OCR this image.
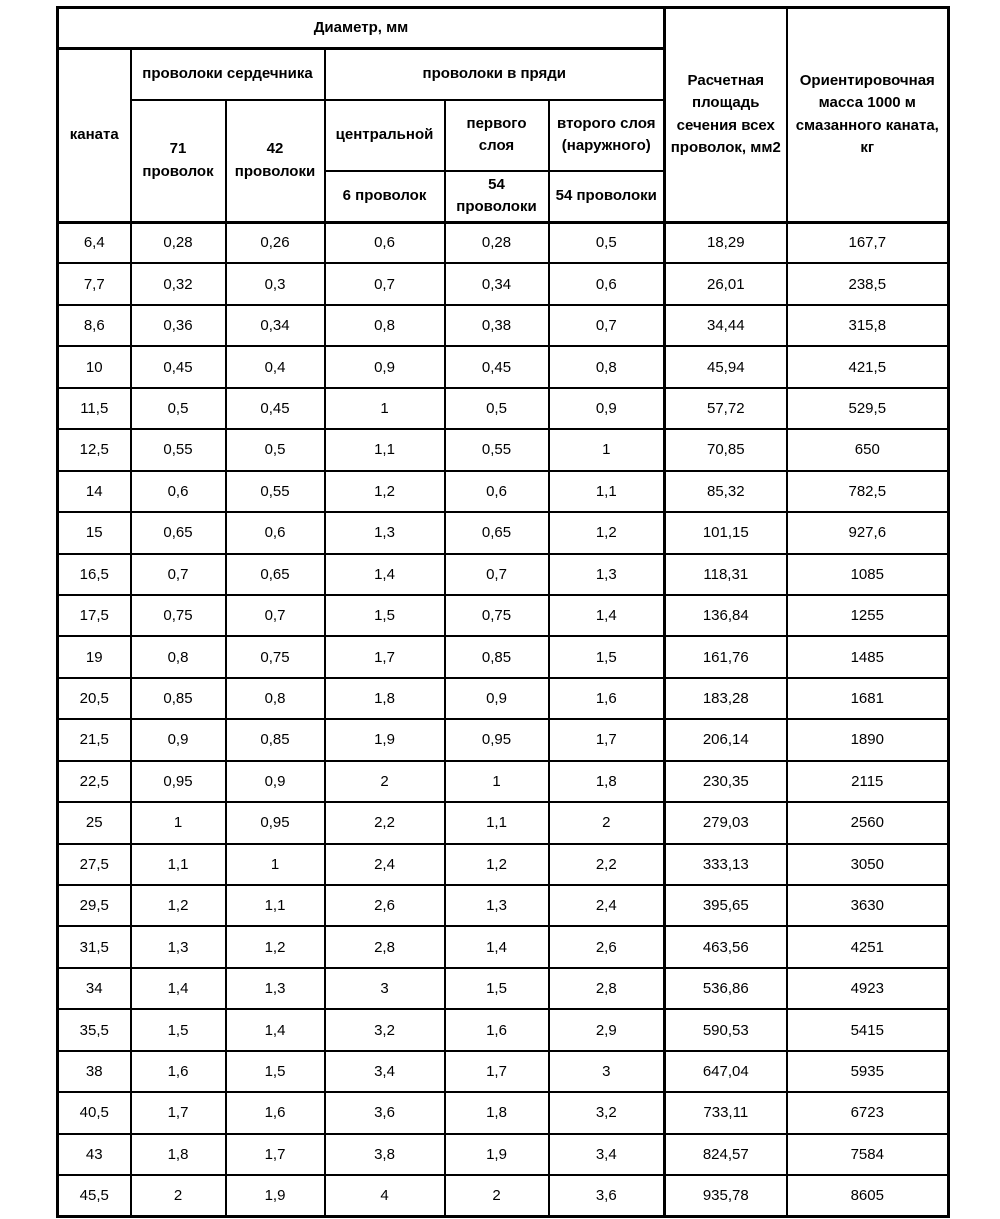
Диаметр, мм						Расчетная площадь сечения всех проволок, мм2	Ориентировочная масса 1000 м смазанного каната, кг
каната	проволоки сердечника		проволоки в пряди				
	71 проволок	42 проволоки	центральной	первого слоя	второго слоя (наружного)		
			6 проволок	54 проволоки	54 проволоки		
6,4	0,28	0,26	0,6	0,28	0,5	18,29	167,7
7,7	0,32	0,3	0,7	0,34	0,6	26,01	238,5
8,6	0,36	0,34	0,8	0,38	0,7	34,44	315,8
10	0,45	0,4	0,9	0,45	0,8	45,94	421,5
11,5	0,5	0,45	1	0,5	0,9	57,72	529,5
12,5	0,55	0,5	1,1	0,55	1	70,85	650
14	0,6	0,55	1,2	0,6	1,1	85,32	782,5
15	0,65	0,6	1,3	0,65	1,2	101,15	927,6
16,5	0,7	0,65	1,4	0,7	1,3	118,31	1085
17,5	0,75	0,7	1,5	0,75	1,4	136,84	1255
19	0,8	0,75	1,7	0,85	1,5	161,76	1485
20,5	0,85	0,8	1,8	0,9	1,6	183,28	1681
21,5	0,9	0,85	1,9	0,95	1,7	206,14	1890
22,5	0,95	0,9	2	1	1,8	230,35	2115
25	1	0,95	2,2	1,1	2	279,03	2560
27,5	1,1	1	2,4	1,2	2,2	333,13	3050
29,5	1,2	1,1	2,6	1,3	2,4	395,65	3630
31,5	1,3	1,2	2,8	1,4	2,6	463,56	4251
34	1,4	1,3	3	1,5	2,8	536,86	4923
35,5	1,5	1,4	3,2	1,6	2,9	590,53	5415
38	1,6	1,5	3,4	1,7	3	647,04	5935
40,5	1,7	1,6	3,6	1,8	3,2	733,11	6723
43	1,8	1,7	3,8	1,9	3,4	824,57	7584
45,5	2	1,9	4	2	3,6	935,78	8605
